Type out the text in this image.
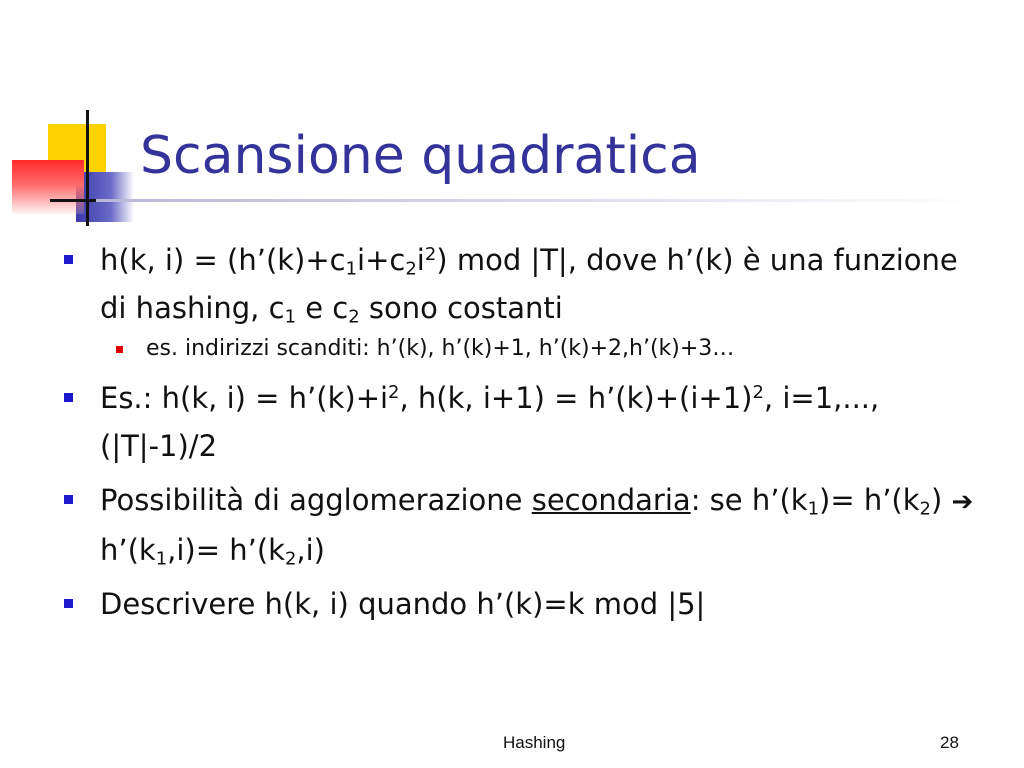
Scansione quadratica
h(k, $i) = (h’(k)+c_1i+c_2i^2)$ mod |T|, dove h’(k) è una funzione di hashing, $c_1$ e $c_2$ sono costanti
es. indirizzi scanditi: h’(k), h’(k)+1, h’(k)+2,h’(k)+3…
Es.: h(k, $i) = h’(k)+i^2$, h(k, $i+1) = h’(k)+(i+1)^2$, i=1,..., (|T|-1)/2
Possibilità di agglomerazione secondaria: se $h’(k_1)=$ $h’(k_2)$ ➔ $h’(k_1,i)=$ $h’(k_2,i)$
Descrivere h(k, i) quando h’(k)=k mod |5|
Hashing	28
